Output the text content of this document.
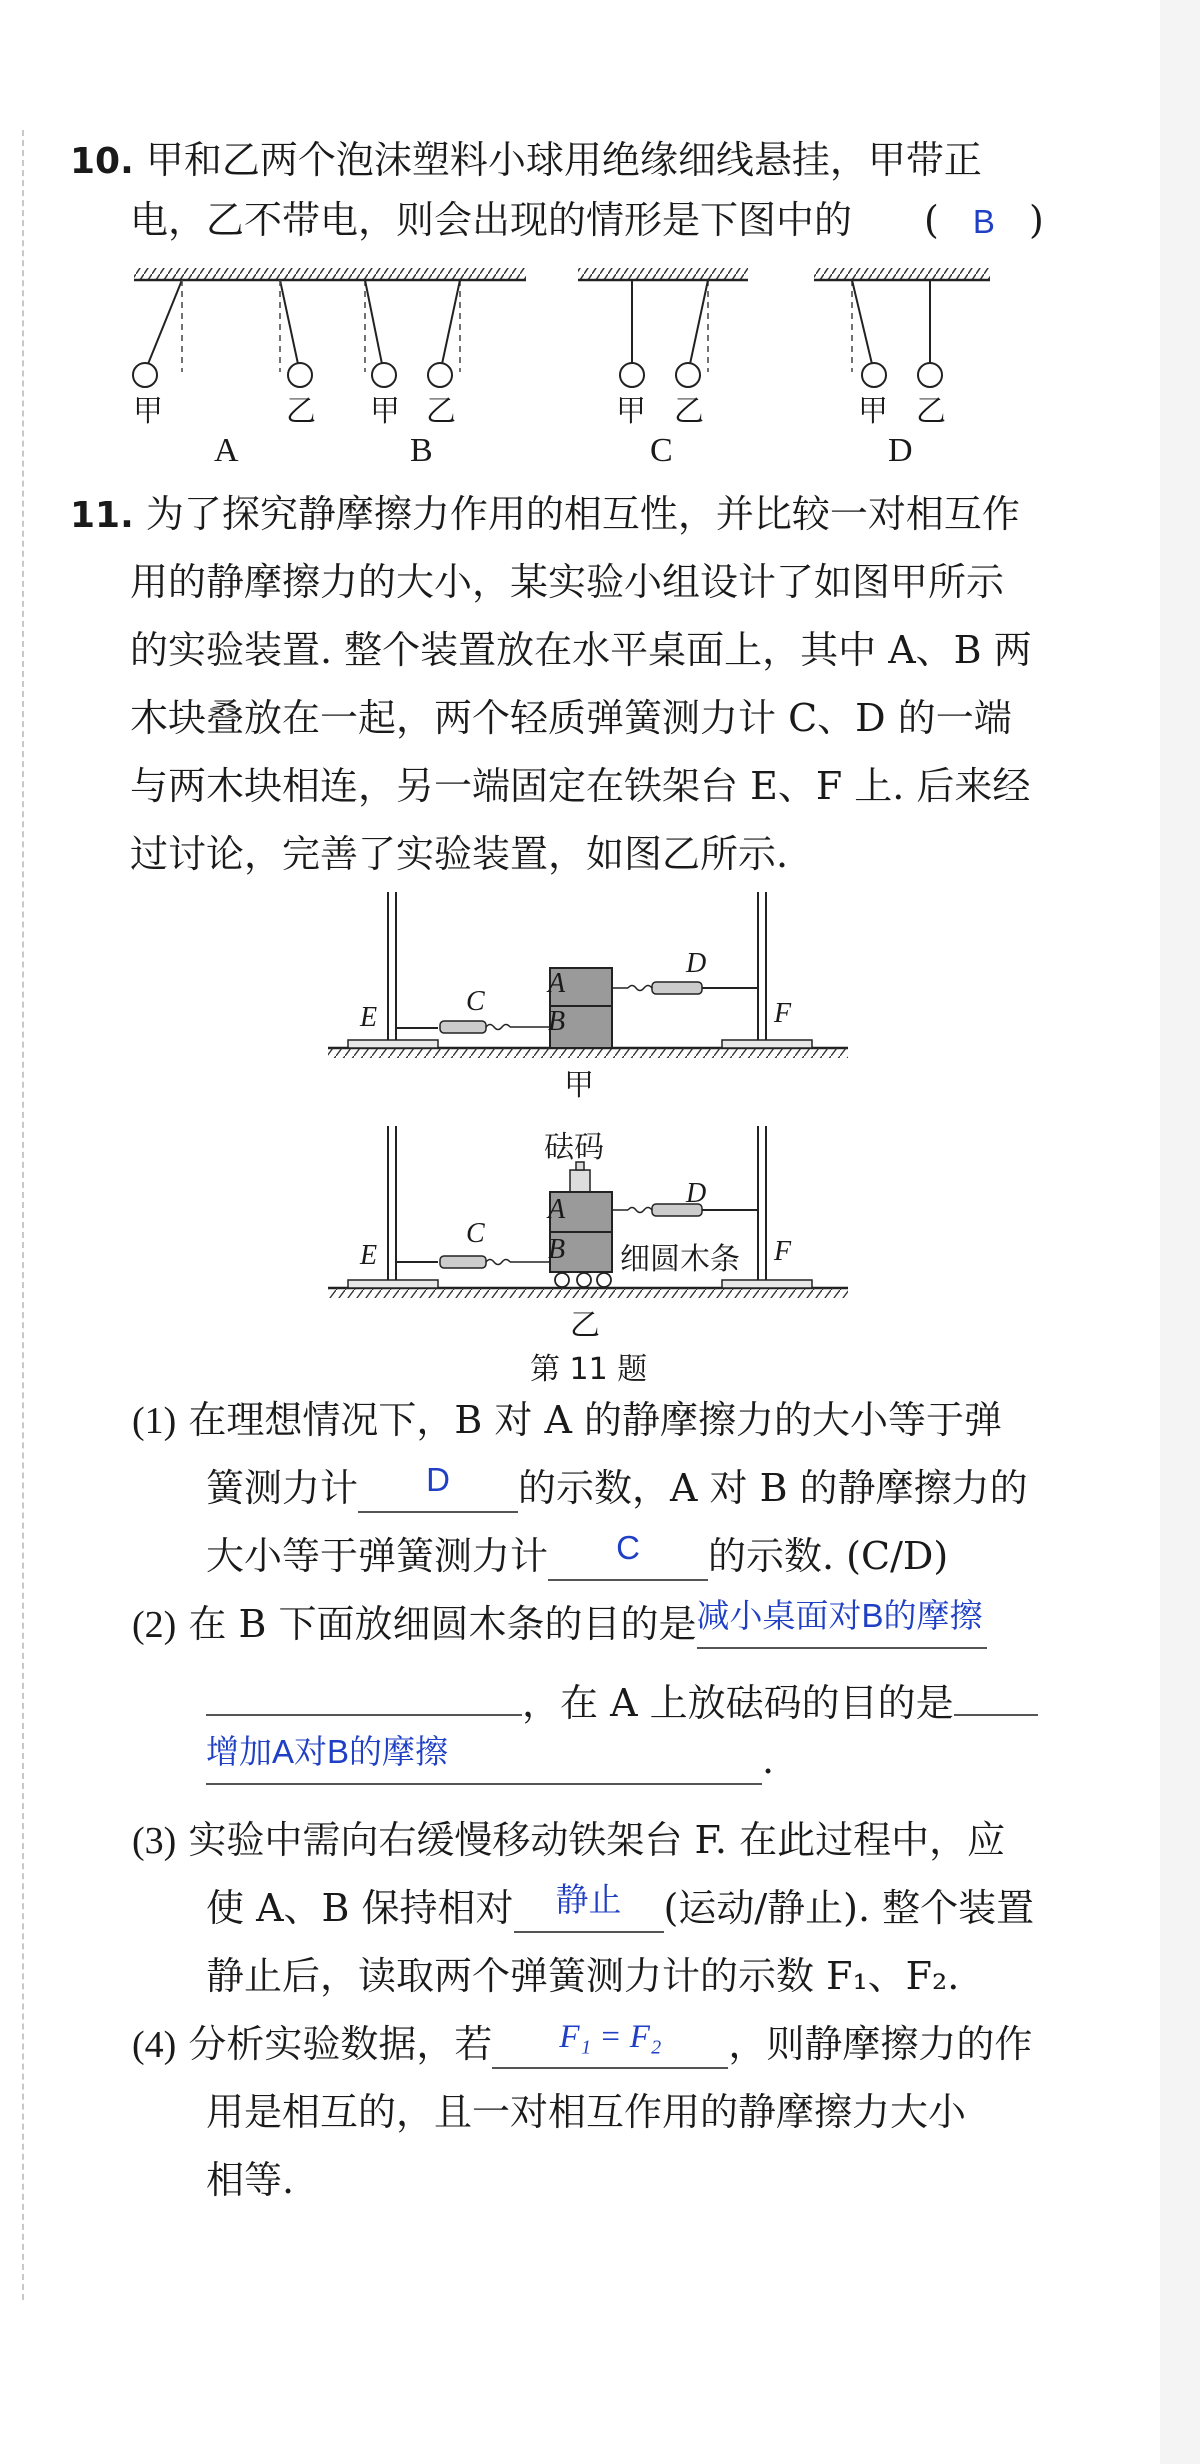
10. 甲和乙两个泡沫塑料小球用绝缘细线悬挂，甲带正
电，乙不带电，则会出现的情形是下图中的 ( B )
甲	乙 甲 乙	甲 乙	甲 乙
A	B	C	D
11. 为了探究静摩擦力作用的相互性，并比较一对相互作
用的静摩擦力的大小，某实验小组设计了如图甲所示
的实验装置. 整个装置放在水平桌面上，其中 A、B 两
木块叠放在一起，两个轻质弹簧测力计 C、D 的一端
与两木块相连，另一端固定在铁架台 E、F 上. 后来经
过讨论，完善了实验装置，如图乙所示.
A
B
C
D
E	F
甲
砝码
A
B
C
D
E	F
细圆木条
乙
第 11 题
(1) 在理想情况下，B 对 A 的静摩擦力的大小等于弹
簧测力计 D 的示数，A 对 B 的静摩擦力的
大小等于弹簧测力计 C 的示数. (C/D)
(2) 在 B 下面放细圆木条的目的是减小桌面对B的摩擦
，在 A 上放砝码的目的是
增加A对B的摩擦	.
(3) 实验中需向右缓慢移动铁架台 F. 在此过程中，应
使 A、B 保持相对 静止 (运动/静止). 整个装置
静止后，读取两个弹簧测力计的示数 F₁、F₂.
(4) 分析实验数据，若 F₁ = F₂ ，则静摩擦力的作
用是相互的，且一对相互作用的静摩擦力大小
相等.
